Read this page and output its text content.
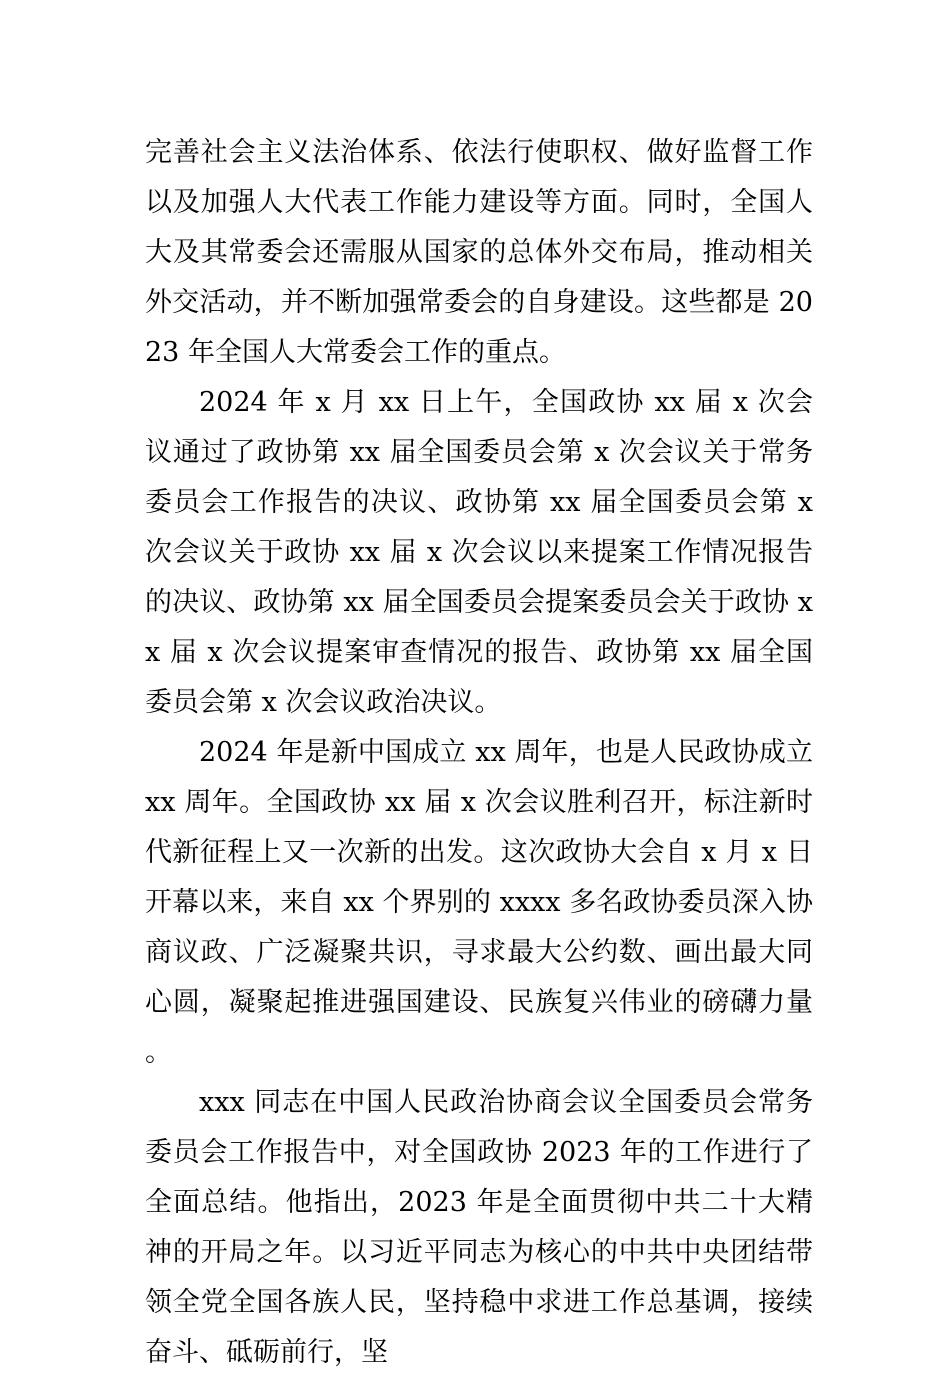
完善社会主义法治体系、依法行使职权、做好监督工作以及加强人大代表工作能力建设等方面。同时，全国人大及其常委会还需服从国家的总体外交布局，推动相关外交活动，并不断加强常委会的自身建设。这些都是 2023 年全国人大常委会工作的重点。

2024 年 x 月 xx 日上午，全国政协 xx 届 x 次会议通过了政协第 xx 届全国委员会第 x 次会议关于常务委员会工作报告的决议、政协第 xx 届全国委员会第 x 次会议关于政协 xx 届 x 次会议以来提案工作情况报告的决议、政协第 xx 届全国委员会提案委员会关于政协 xx 届 x 次会议提案审查情况的报告、政协第 xx 届全国委员会第 x 次会议政治决议。

2024 年是新中国成立 xx 周年，也是人民政协成立 xx 周年。全国政协 xx 届 x 次会议胜利召开，标注新时代新征程上又一次新的出发。这次政协大会自 x 月 x 日开幕以来，来自 xx 个界别的 xxxx 多名政协委员深入协商议政、广泛凝聚共识，寻求最大公约数、画出最大同心圆，凝聚起推进强国建设、民族复兴伟业的磅礴力量。

xxx 同志在中国人民政治协商会议全国委员会常务委员会工作报告中，对全国政协 2023 年的工作进行了全面总结。他指出，2023 年是全面贯彻中共二十大精神的开局之年。以习近平同志为核心的中共中央团结带领全党全国各族人民，坚持稳中求进工作总基调，接续奋斗、砥砺前行，坚
